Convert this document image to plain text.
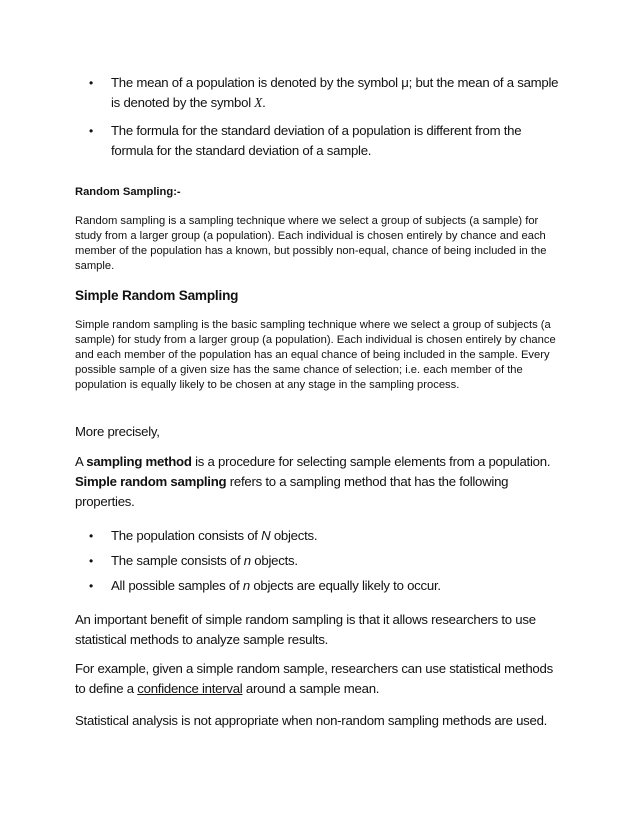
• The mean of a population is denoted by the symbol μ; but the mean of a sample is denoted by the symbol X.
• The formula for the standard deviation of a population is different from the formula for the standard deviation of a sample.
Random Sampling:-
Random sampling is a sampling technique where we select a group of subjects (a sample) for study from a larger group (a population). Each individual is chosen entirely by chance and each member of the population has a known, but possibly non-equal, chance of being included in the sample.
Simple Random Sampling
Simple random sampling is the basic sampling technique where we select a group of subjects (a sample) for study from a larger group (a population). Each individual is chosen entirely by chance and each member of the population has an equal chance of being included in the sample. Every possible sample of a given size has the same chance of selection; i.e. each member of the population is equally likely to be chosen at any stage in the sampling process.
More precisely,
A sampling method is a procedure for selecting sample elements from a population. Simple random sampling refers to a sampling method that has the following properties.
• The population consists of N objects.
• The sample consists of n objects.
• All possible samples of n objects are equally likely to occur.
An important benefit of simple random sampling is that it allows researchers to use statistical methods to analyze sample results.
For example, given a simple random sample, researchers can use statistical methods to define a confidence interval around a sample mean.
Statistical analysis is not appropriate when non-random sampling methods are used.
